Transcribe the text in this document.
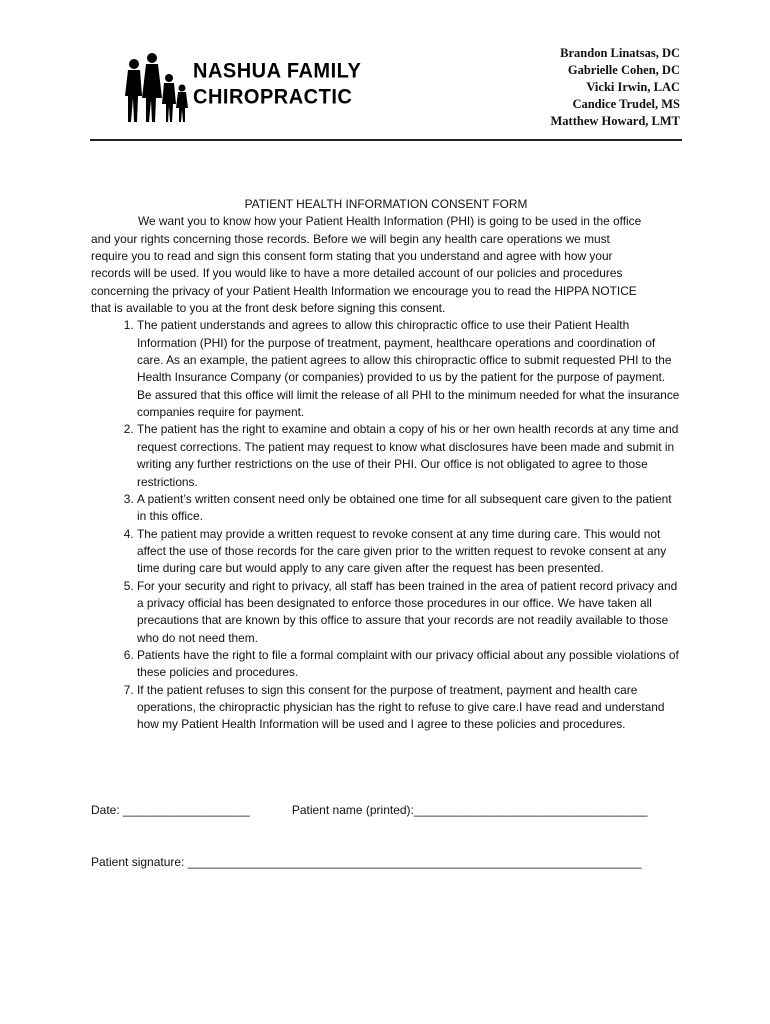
NASHUA FAMILY
CHIROPRACTIC
Brandon Linatsas, DC
Gabrielle Cohen, DC
Vicki Irwin, LAC
Candice Trudel, MS
Matthew Howard, LMT
PATIENT HEALTH INFORMATION CONSENT FORM

We want you to know how your Patient Health Information (PHI) is going to be used in the office and your rights concerning those records. Before we will begin any health care operations we must require you to read and sign this consent form stating that you understand and agree with how your records will be used. If you would like to have a more detailed account of our policies and procedures concerning the privacy of your Patient Health Information we encourage you to read the HIPPA NOTICE that is available to you at the front desk before signing this consent.

1. The patient understands and agrees to allow this chiropractic office to use their Patient Health Information (PHI) for the purpose of treatment, payment, healthcare operations and coordination of care. As an example, the patient agrees to allow this chiropractic office to submit requested PHI to the Health Insurance Company (or companies) provided to us by the patient for the purpose of payment. Be assured that this office will limit the release of all PHI to the minimum needed for what the insurance companies require for payment.
2. The patient has the right to examine and obtain a copy of his or her own health records at any time and request corrections. The patient may request to know what disclosures have been made and submit in writing any further restrictions on the use of their PHI. Our office is not obligated to agree to those restrictions.
3. A patient’s written consent need only be obtained one time for all subsequent care given to the patient in this office.
4. The patient may provide a written request to revoke consent at any time during care. This would not affect the use of those records for the care given prior to the written request to revoke consent at any time during care but would apply to any care given after the request has been presented.
5. For your security and right to privacy, all staff has been trained in the area of patient record privacy and a privacy official has been designated to enforce those procedures in our office. We have taken all precautions that are known by this office to assure that your records are not readily available to those who do not need them.
6. Patients have the right to file a formal complaint with our privacy official about any possible violations of these policies and procedures.
7. If the patient refuses to sign this consent for the purpose of treatment, payment and health care operations, the chiropractic physician has the right to refuse to give care.I have read and understand how my Patient Health Information will be used and I agree to these policies and procedures.
Date: ___________________	Patient name (printed):___________________________________
Patient signature: ____________________________________________________________________
